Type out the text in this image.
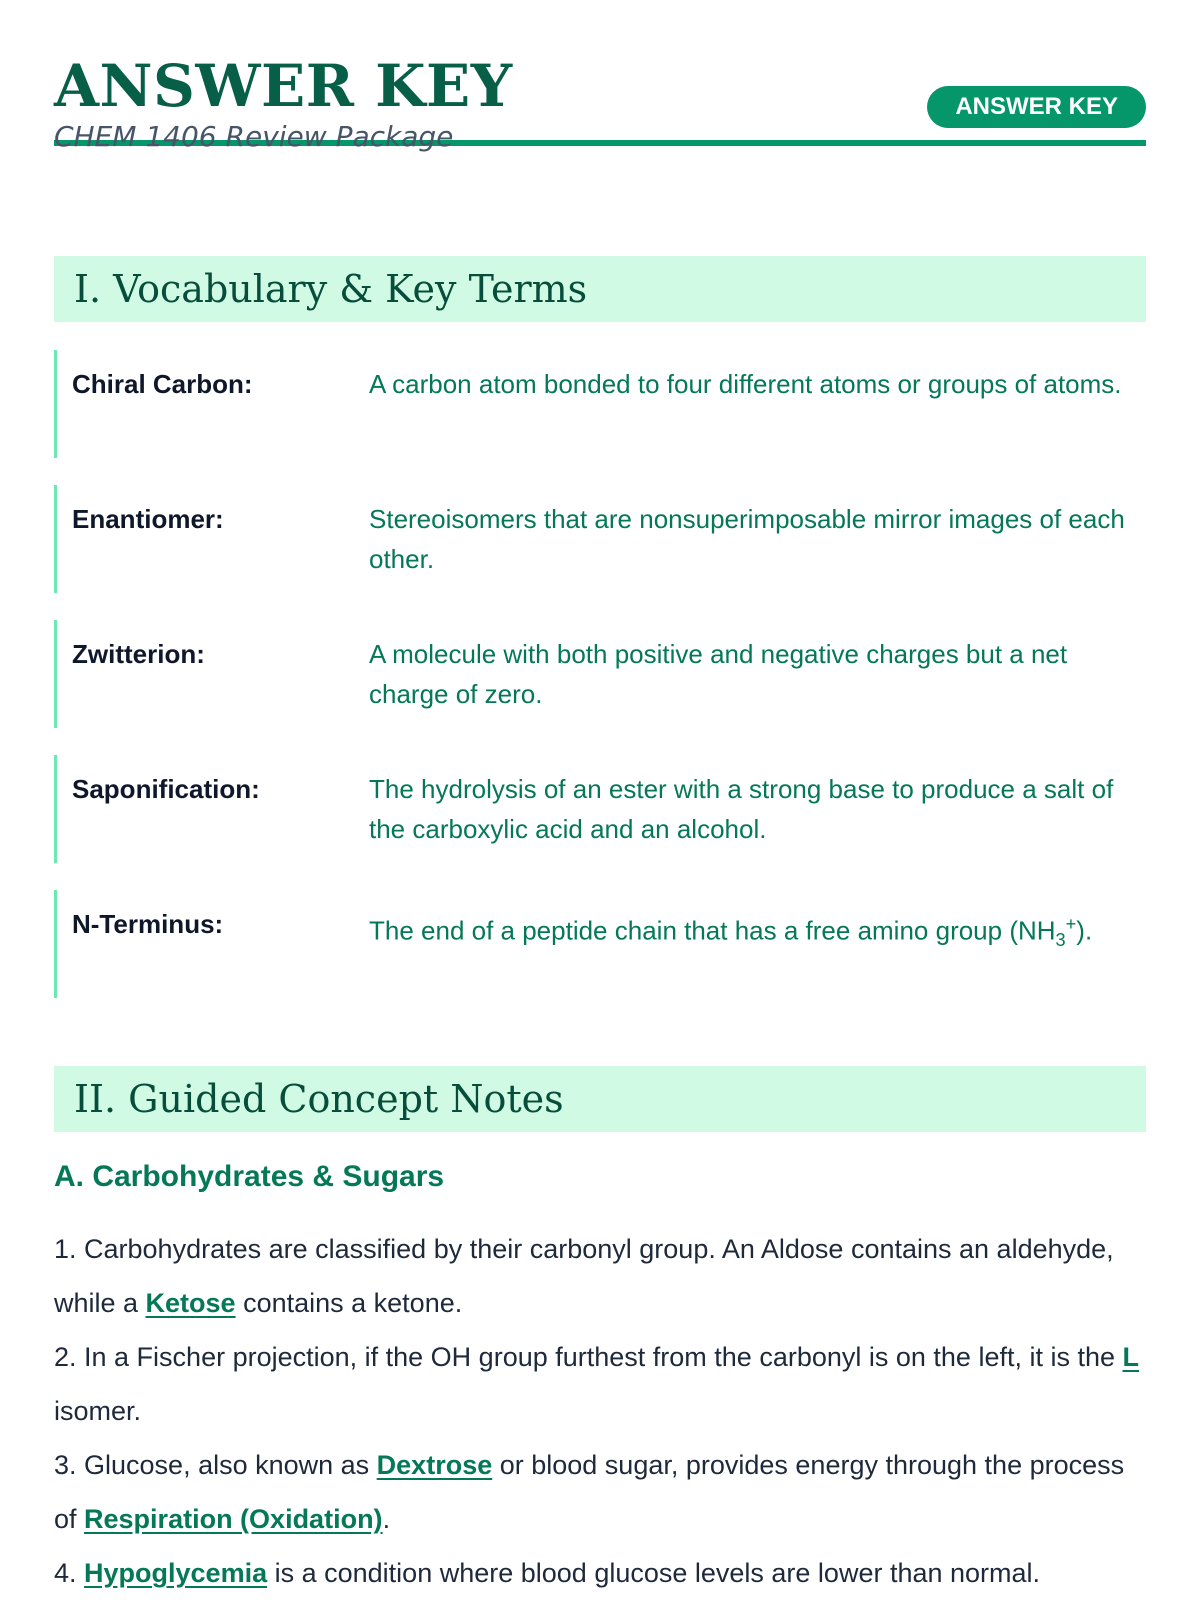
ANSWER KEY
CHEM 1406 Review Package
ANSWER KEY
I. Vocabulary & Key Terms
Chiral Carbon:	A carbon atom bonded to four different atoms or groups of atoms.
Enantiomer:	Stereoisomers that are nonsuperimposable mirror images of each other.
Zwitterion:	A molecule with both positive and negative charges but a net charge of zero.
Saponification:	The hydrolysis of an ester with a strong base to produce a salt of the carboxylic acid and an alcohol.
N-Terminus:	The end of a peptide chain that has a free amino group $(NH_3^+)$.
II. Guided Concept Notes
A. Carbohydrates & Sugars

1. Carbohydrates are classified by their carbonyl group. An Aldose contains an aldehyde, while a Ketose contains a ketone.

2. In a Fischer projection, if the OH group furthest from the carbonyl is on the left, it is the L isomer.

3. Glucose, also known as Dextrose or blood sugar, provides energy through the process of Respiration (Oxidation).

4. Hypoglycemia is a condition where blood glucose levels are lower than normal.
